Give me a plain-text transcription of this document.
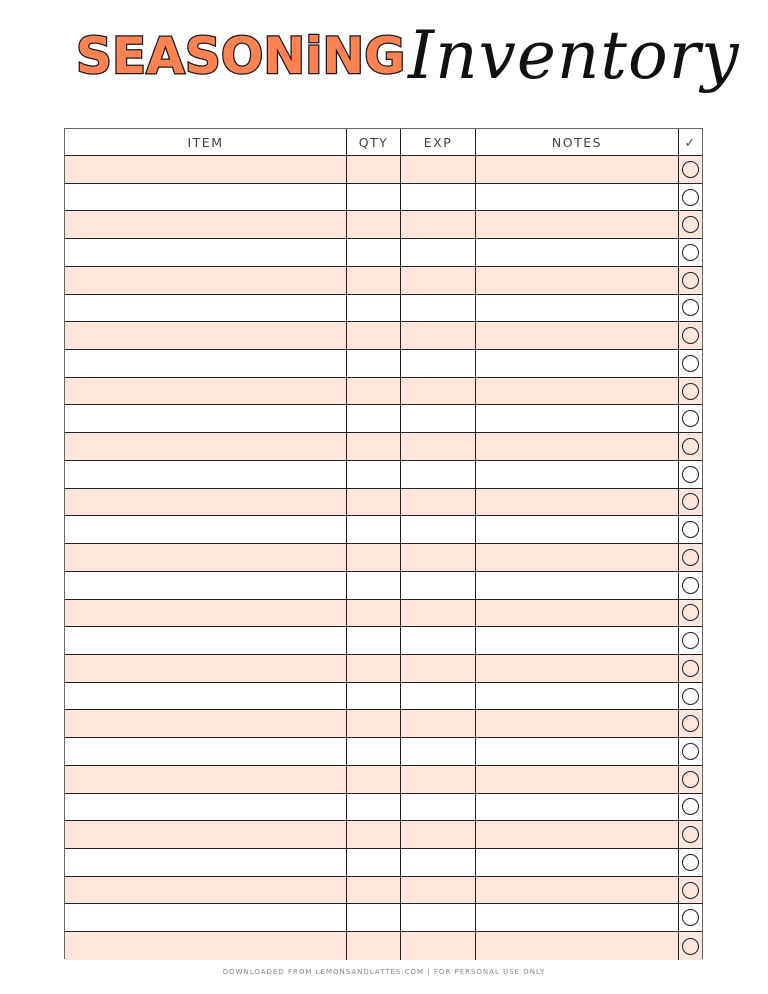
SEASONiNG Inventory
ITEM	QTY	EXP	NOTES	✓
DOWNLOADED FROM LEMONSANDLATTES.COM | FOR PERSONAL USE ONLY
